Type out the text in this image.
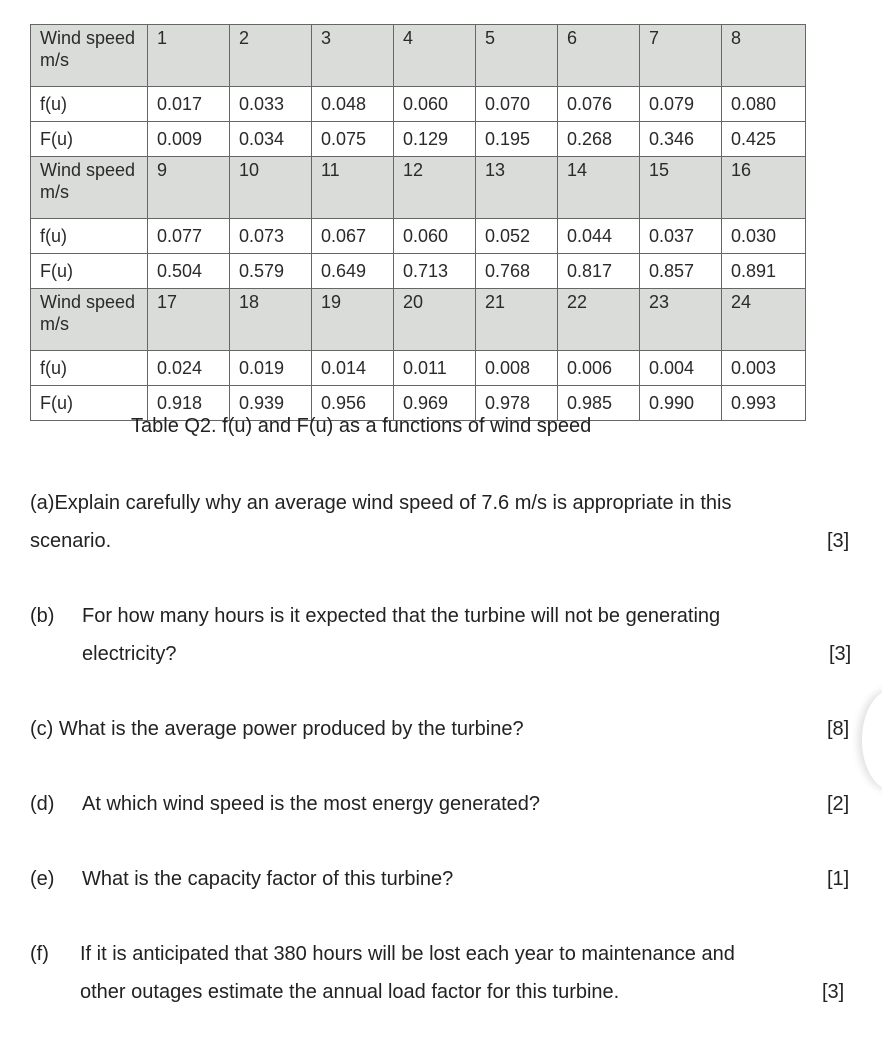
Wind speed m/s	1	2	3	4	5	6	7	8
f(u)	0.017	0.033	0.048	0.060	0.070	0.076	0.079	0.080
F(u)	0.009	0.034	0.075	0.129	0.195	0.268	0.346	0.425
Wind speed m/s	9	10	11	12	13	14	15	16
f(u)	0.077	0.073	0.067	0.060	0.052	0.044	0.037	0.030
F(u)	0.504	0.579	0.649	0.713	0.768	0.817	0.857	0.891
Wind speed m/s	17	18	19	20	21	22	23	24
f(u)	0.024	0.019	0.014	0.011	0.008	0.006	0.004	0.003
F(u)	0.918	0.939	0.956	0.969	0.978	0.985	0.990	0.993
Table Q2. f(u) and F(u) as a functions of wind speed
(a)Explain carefully why an average wind speed of 7.6 m/s is appropriate in this
scenario.	[3]
(b) For how many hours is it expected that the turbine will not be generating
electricity?	[3]
(c) What is the average power produced by the turbine?	[8]
(d) At which wind speed is the most energy generated?	[2]
(e) What is the capacity factor of this turbine?	[1]
(f) If it is anticipated that 380 hours will be lost each year to maintenance and
other outages estimate the annual load factor for this turbine.	[3]
